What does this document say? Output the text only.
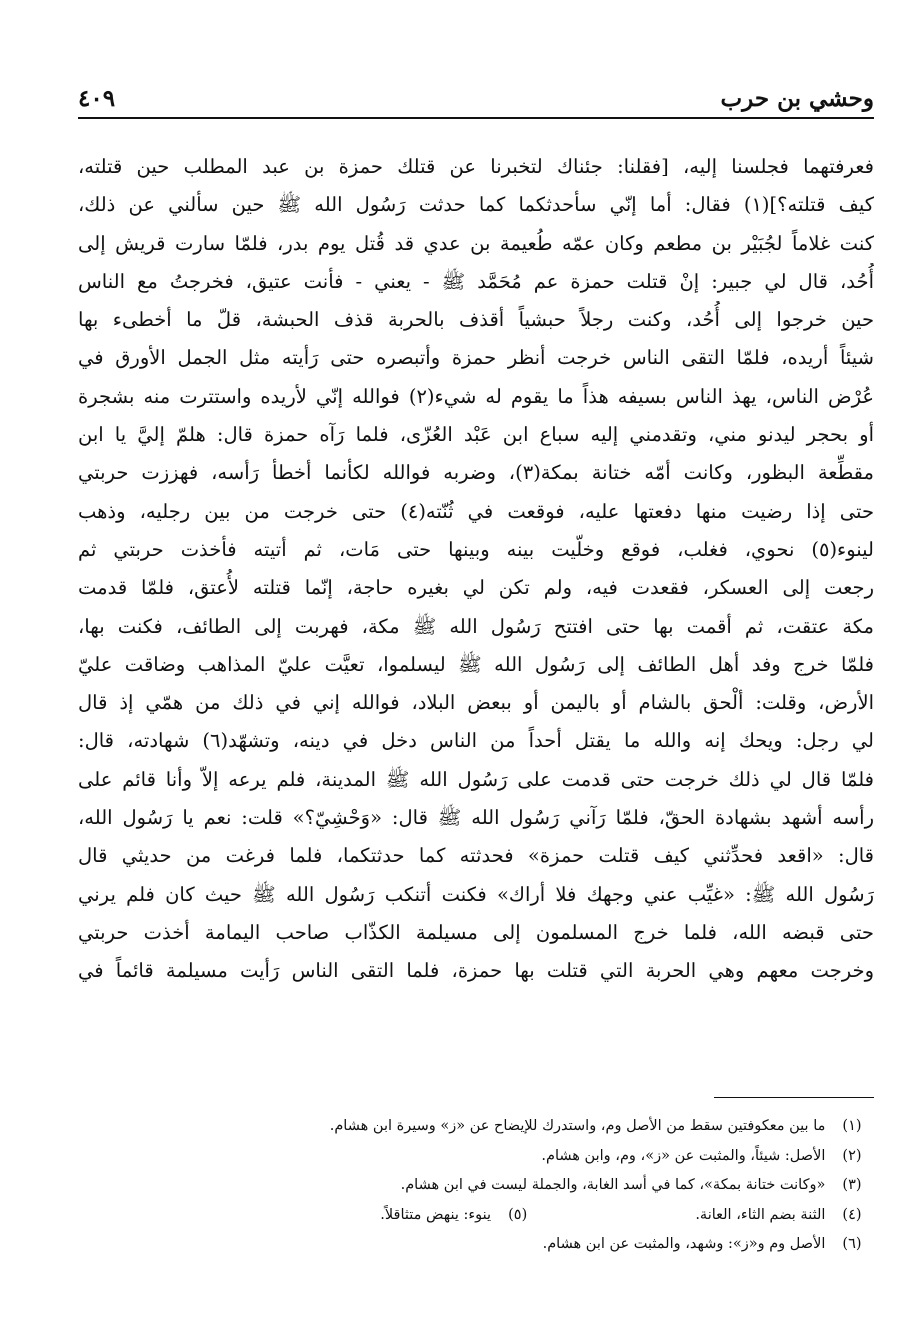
وحشي بن حرب
٤٠٩
فعرفتهما فجلسنا إليه، [فقلنا: جئناك لتخبرنا عن قتلك حمزة بن عبد المطلب حين قتلته،
كيف قتلته؟](١) فقال: أما إنّي سأحدثكما كما حدثت رَسُول الله ﷺ حين سألني عن ذلك،
كنت غلاماً لجُبَيْر بن مطعم وكان عمّه طُعيمة بن عدي قد قُتل يوم بدر، فلمّا سارت قريش إلى
أُحُد، قال لي جبير: إنْ قتلت حمزة عم مُحَمَّد ﷺ - يعني - فأنت عتيق، فخرجتُ مع الناس
حين خرجوا إلى أُحُد، وكنت رجلاً حبشياً أقذف بالحربة قذف الحبشة، قلّ ما أخطىء بها
شيئاً أريده، فلمّا التقى الناس خرجت أنظر حمزة وأتبصره حتى رَأيته مثل الجمل الأورق في
عُرْض الناس، يهذ الناس بسيفه هذاً ما يقوم له شيء(٢) فوالله إنّي لأريده واستترت منه بشجرة
أو بحجر ليدنو مني، وتقدمني إليه سباع ابن عَبْد العُزّى، فلما رَآه حمزة قال: هلمّ إليَّ يا ابن
مقطِّعة البظور، وكانت أمّه ختانة بمكة(٣)، وضربه فوالله لكأنما أخطأ رَأسه، فهززت حربتي
حتى إذا رضيت منها دفعتها عليه، فوقعت في ثُنّته(٤) حتى خرجت من بين رجليه، وذهب
لينوء(٥) نحوي، فغلب، فوقع وخلّيت بينه وبينها حتى مَات، ثم أتيته فأخذت حربتي ثم
رجعت إلى العسكر، فقعدت فيه، ولم تكن لي بغيره حاجة، إنّما قتلته لأُعتق، فلمّا قدمت
مكة عتقت، ثم أقمت بها حتى افتتح رَسُول الله ﷺ مكة، فهربت إلى الطائف، فكنت بها،
فلمّا خرج وفد أهل الطائف إلى رَسُول الله ﷺ ليسلموا، تعيَّت عليّ المذاهب وضاقت عليّ
الأرض، وقلت: ألْحق بالشام أو باليمن أو ببعض البلاد، فوالله إني في ذلك من همّي إذ قال
لي رجل: ويحك إنه والله ما يقتل أحداً من الناس دخل في دينه، وتشهّد(٦) شهادته، قال:
فلمّا قال لي ذلك خرجت حتى قدمت على رَسُول الله ﷺ المدينة، فلم يرعه إلاّ وأنا قائم على
رأسه أشهد بشهادة الحقّ، فلمّا رَآني رَسُول الله ﷺ قال: «وَحْشِيّ؟» قلت: نعم يا رَسُول الله،
قال: «اقعد فحدِّثني كيف قتلت حمزة» فحدثته كما حدثتكما، فلما فرغت من حديثي قال
رَسُول الله ﷺ: «غيِّب عني وجهك فلا أراك» فكنت أتنكب رَسُول الله ﷺ حيث كان فلم يرني
حتى قبضه الله، فلما خرج المسلمون إلى مسيلمة الكذّاب صاحب اليمامة أخذت حربتي
وخرجت معهم وهي الحربة التي قتلت بها حمزة، فلما التقى الناس رَأيت مسيلمة قائماً في
(١) ما بين معكوفتين سقط من الأصل وم، واستدرك للإيضاح عن «ز» وسيرة ابن هشام.
(٢) الأصل: شيئاً، والمثبت عن «ز»، وم، وابن هشام.
(٣) «وكانت ختانة بمكة»، كما في أسد الغابة، والجملة ليست في ابن هشام.
(٤) الثنة بضم الثاء، العانة.
(٥) ينوء: ينهض متثاقلاً.
(٦) الأصل وم و«ز»: وشهد، والمثبت عن ابن هشام.
